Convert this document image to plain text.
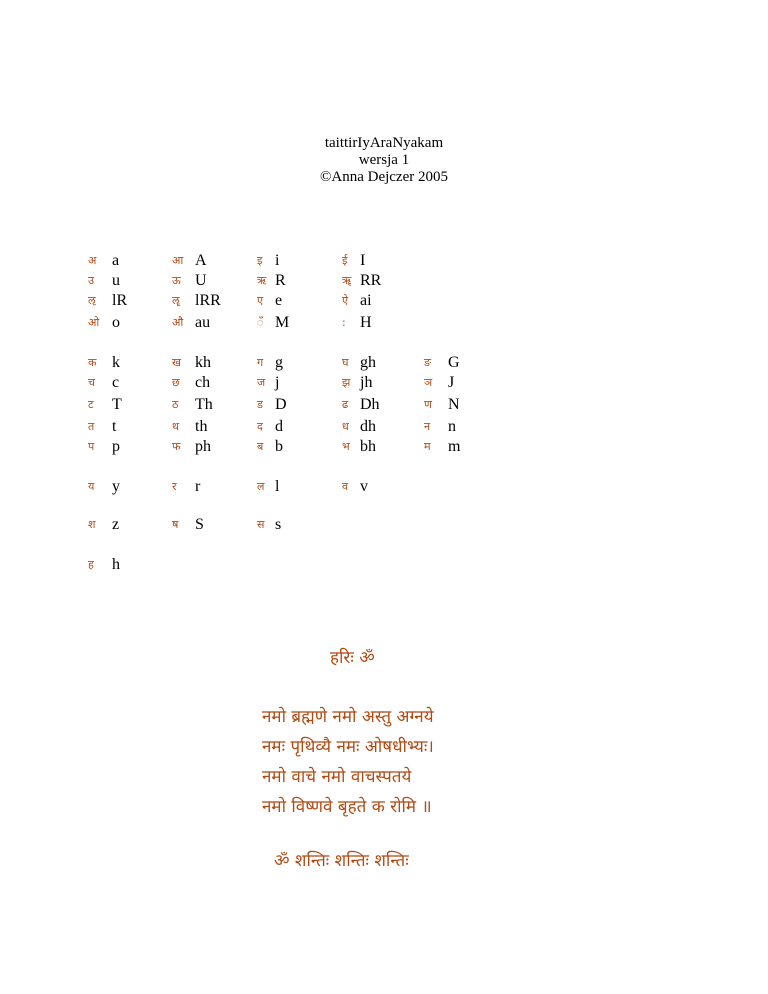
taittirIyAraNyakam
wersja 1
©Anna Dejczer 2005
अ a	आ A	इ i	ई I
उ u	ऊ U	ऋ R	ॠ RR
ऌ lR	ॡ lRR	ए e	ऐ ai
ओ o	औ au	ँ M	: H
क k	ख kh	ग g	घ gh	ङ G
च c	छ ch	ज j	झ jh	ञ J
ट T	ठ Th	ड D	ढ Dh	ण N
त t	थ th	द d	ध dh	न n
प p	फ ph	ब b	भ bh	म m
य y	र r	ल l	व v
श z	ष S	स s
ह h
हरिः ॐ
नमो ब्रह्मणे नमो अस्तु अग्नये
नमः पृथिव्यै नमः ओषधीभ्यः।
नमो वाचे नमो वाचस्पतये
नमो विष्णवे बृहते क रोमि ॥
ॐ शन्तिः शन्तिः शन्तिः
